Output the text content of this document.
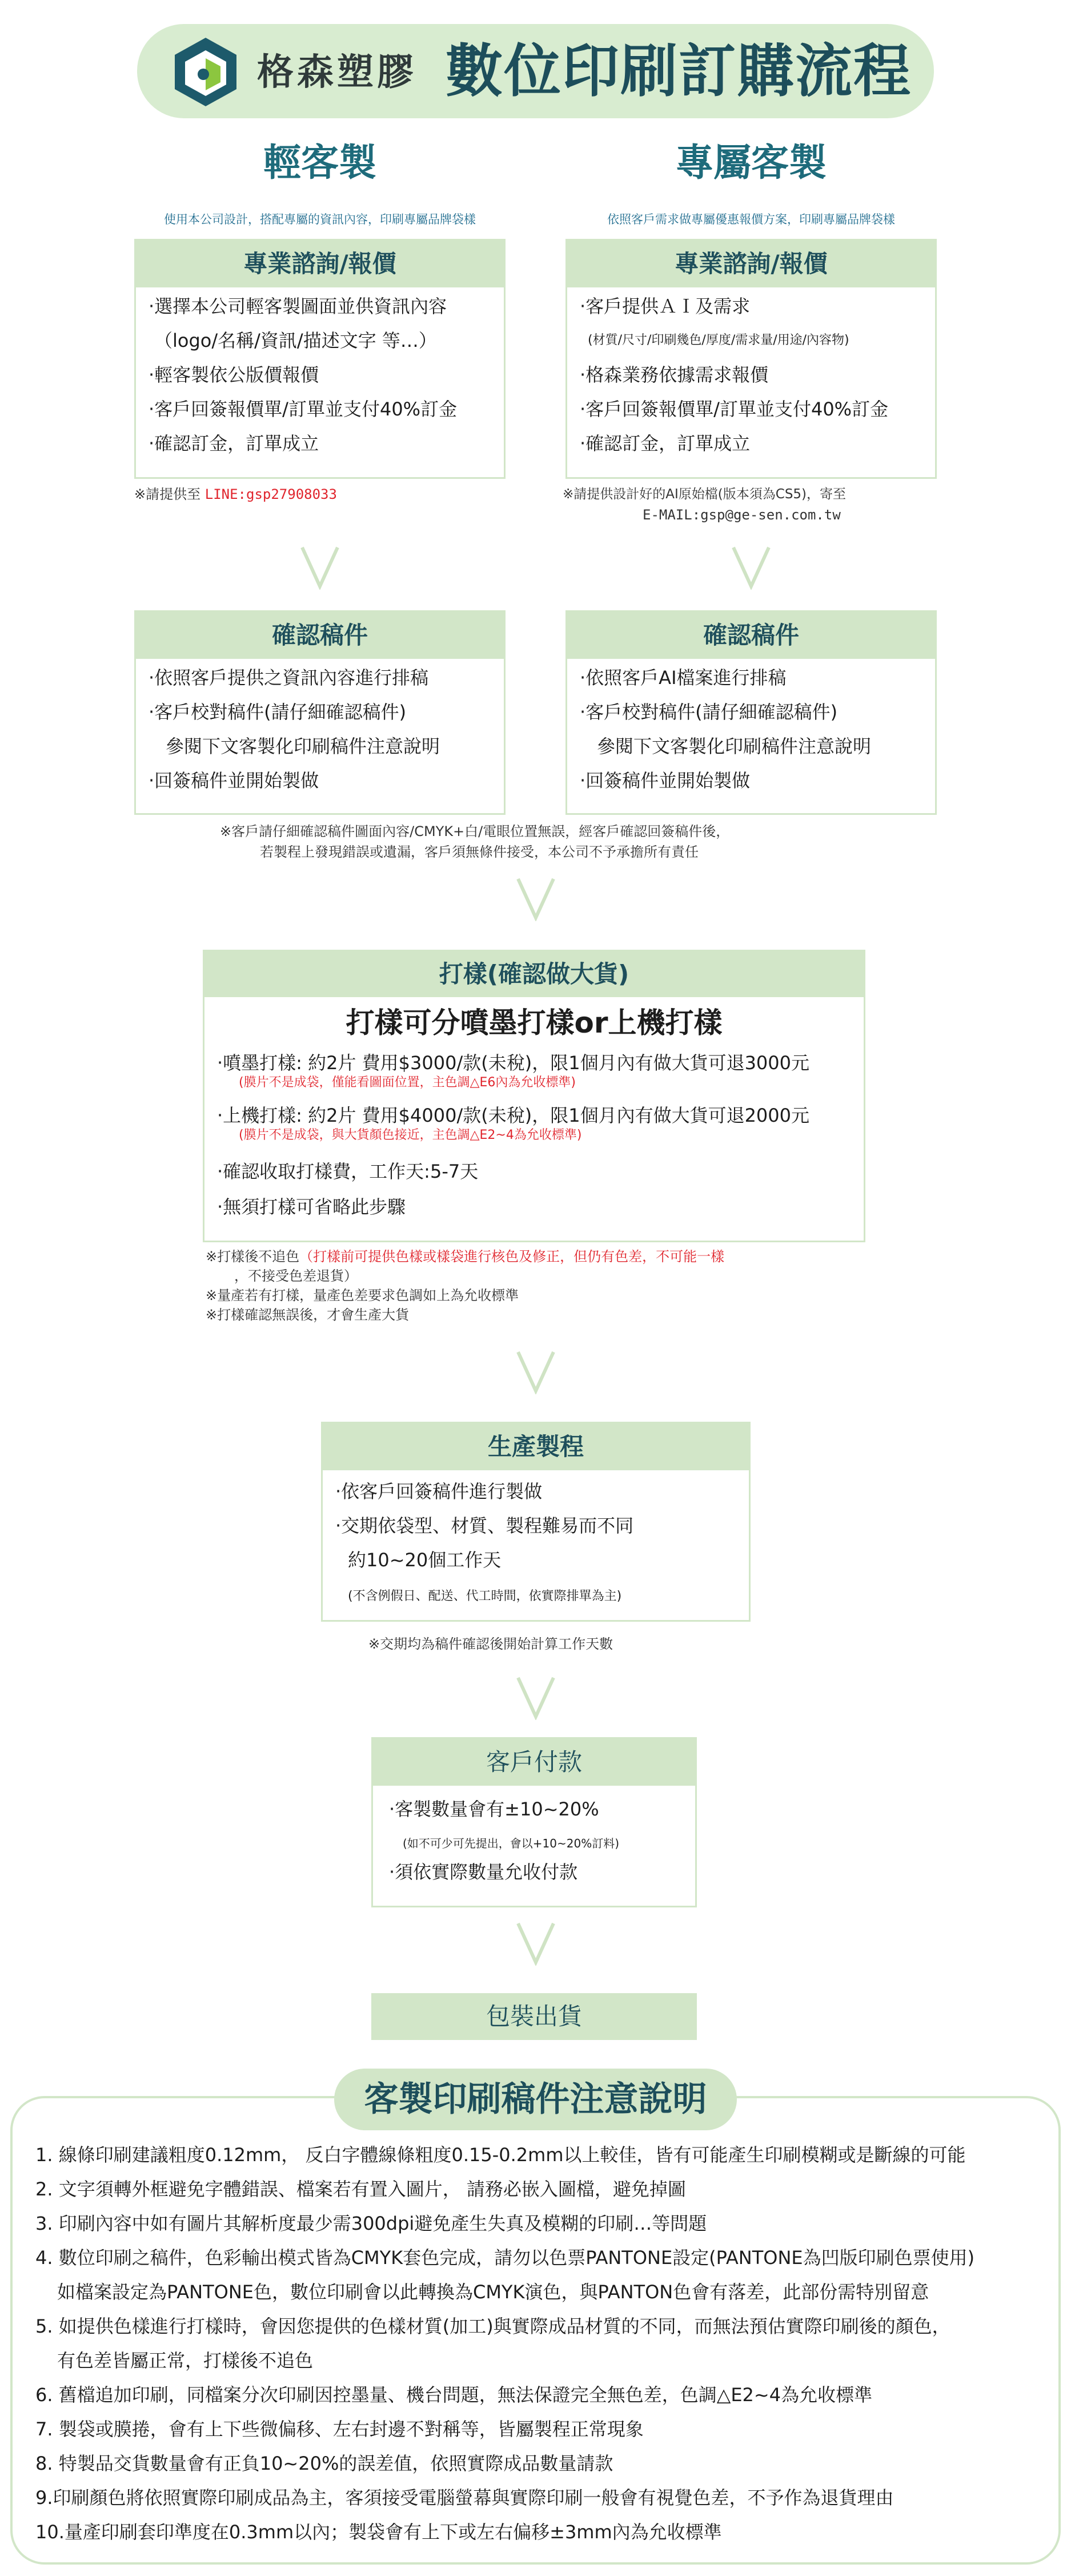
格森塑膠 數位印刷訂購流程
輕客製
使用本公司設計，搭配專屬的資訊內容，印刷專屬品牌袋樣
專屬客製
依照客戶需求做專屬優惠報價方案，印刷專屬品牌袋樣
專業諮詢/報價
‧選擇本公司輕客製圖面並供資訊內容
（logo/名稱/資訊/描述文字 等…）
‧輕客製依公版價報價
‧客戶回簽報價單/訂單並支付40%訂金
‧確認訂金，訂單成立
※請提供至 LINE:gsp27908033
專業諮詢/報價
‧客戶提供ＡＩ及需求
(材質/尺寸/印刷幾色/厚度/需求量/用途/內容物)
‧格森業務依據需求報價
‧客戶回簽報價單/訂單並支付40%訂金
‧確認訂金，訂單成立
※請提供設計好的AI原始檔(版本須為CS5)，寄至
E-MAIL:gsp@ge-sen.com.tw
確認稿件
‧依照客戶提供之資訊內容進行排稿
‧客戶校對稿件(請仔細確認稿件)
參閱下文客製化印刷稿件注意說明
‧回簽稿件並開始製做
確認稿件
‧依照客戶AI檔案進行排稿
‧客戶校對稿件(請仔細確認稿件)
參閱下文客製化印刷稿件注意說明
‧回簽稿件並開始製做
※客戶請仔細確認稿件圖面內容/CMYK+白/電眼位置無誤，經客戶確認回簽稿件後，
若製程上發現錯誤或遺漏，客戶須無條件接受，本公司不予承擔所有責任
打樣(確認做大貨)
打樣可分噴墨打樣or上機打樣
‧噴墨打樣: 約2片 費用$3000/款(未稅)，限1個月內有做大貨可退3000元
(膜片不是成袋，僅能看圖面位置，主色調△E6內為允收標準)
‧上機打樣: 約2片 費用$4000/款(未稅)，限1個月內有做大貨可退2000元
(膜片不是成袋，與大貨顏色接近，主色調△E2~4為允收標準)
‧確認收取打樣費，工作天:5-7天
‧無須打樣可省略此步驟
※打樣後不追色（打樣前可提供色樣或樣袋進行核色及修正，但仍有色差，不可能一樣
，不接受色差退貨）
※量產若有打樣，量產色差要求色調如上為允收標準
※打樣確認無誤後，才會生產大貨
生產製程
‧依客戶回簽稿件進行製做
‧交期依袋型、材質、製程難易而不同
約10~20個工作天
(不含例假日、配送、代工時間，依實際排單為主)
※交期均為稿件確認後開始計算工作天數
客戶付款
‧客製數量會有±10~20%
(如不可少可先提出，會以+10~20%訂料)
‧須依實際數量允收付款
包裝出貨
客製印刷稿件注意說明
1. 線條印刷建議粗度0.12mm， 反白字體線條粗度0.15-0.2mm以上較佳，皆有可能產生印刷模糊或是斷線的可能
2. 文字須轉外框避免字體錯誤、檔案若有置入圖片， 請務必嵌入圖檔，避免掉圖
3. 印刷內容中如有圖片其解析度最少需300dpi避免產生失真及模糊的印刷…等問題
4. 數位印刷之稿件，色彩輸出模式皆為CMYK套色完成，請勿以色票PANTONE設定(PANTONE為凹版印刷色票使用)
如檔案設定為PANTONE色，數位印刷會以此轉換為CMYK演色，與PANTON色會有落差，此部份需特別留意
5. 如提供色樣進行打樣時，會因您提供的色樣材質(加工)與實際成品材質的不同，而無法預估實際印刷後的顏色，
有色差皆屬正常，打樣後不追色
6. 舊檔追加印刷，同檔案分次印刷因控墨量、機台問題，無法保證完全無色差，色調△E2~4為允收標準
7. 製袋或膜捲，會有上下些微偏移、左右封邊不對稱等，皆屬製程正常現象
8. 特製品交貨數量會有正負10~20%的誤差值，依照實際成品數量請款
9.印刷顏色將依照實際印刷成品為主，客須接受電腦螢幕與實際印刷一般會有視覺色差，不予作為退貨理由
10.量產印刷套印準度在0.3mm以內；製袋會有上下或左右偏移±3mm內為允收標準
